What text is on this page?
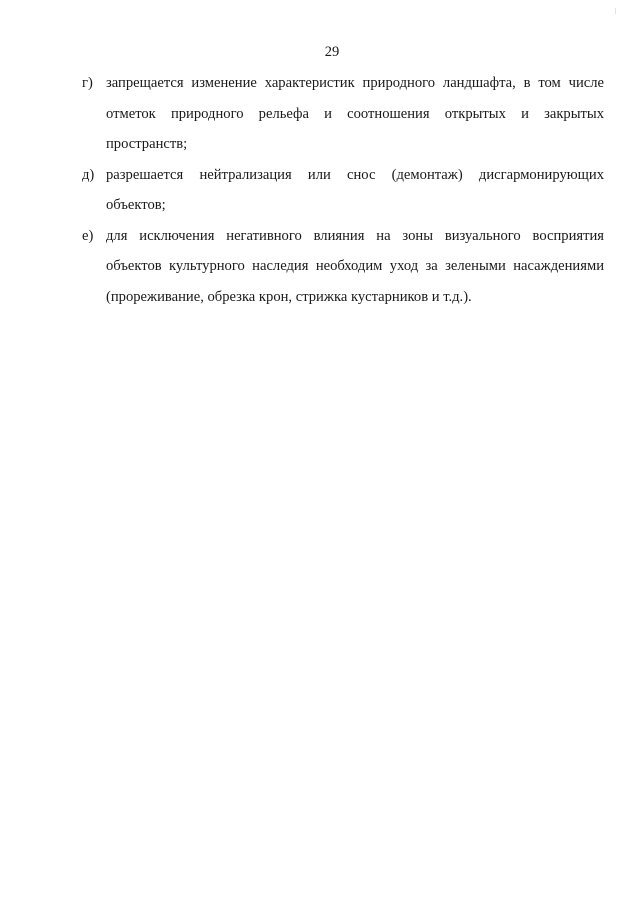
29
г) запрещается изменение характеристик природного ландшафта, в том числе отметок природного рельефа и соотношения открытых и закрытых пространств;
д) разрешается нейтрализация или снос (демонтаж) дисгармонирующих объектов;
е) для исключения негативного влияния на зоны визуального восприятия объектов культурного наследия необходим уход за зелеными насаждениями (прореживание, обрезка крон, стрижка кустарников и т.д.).
